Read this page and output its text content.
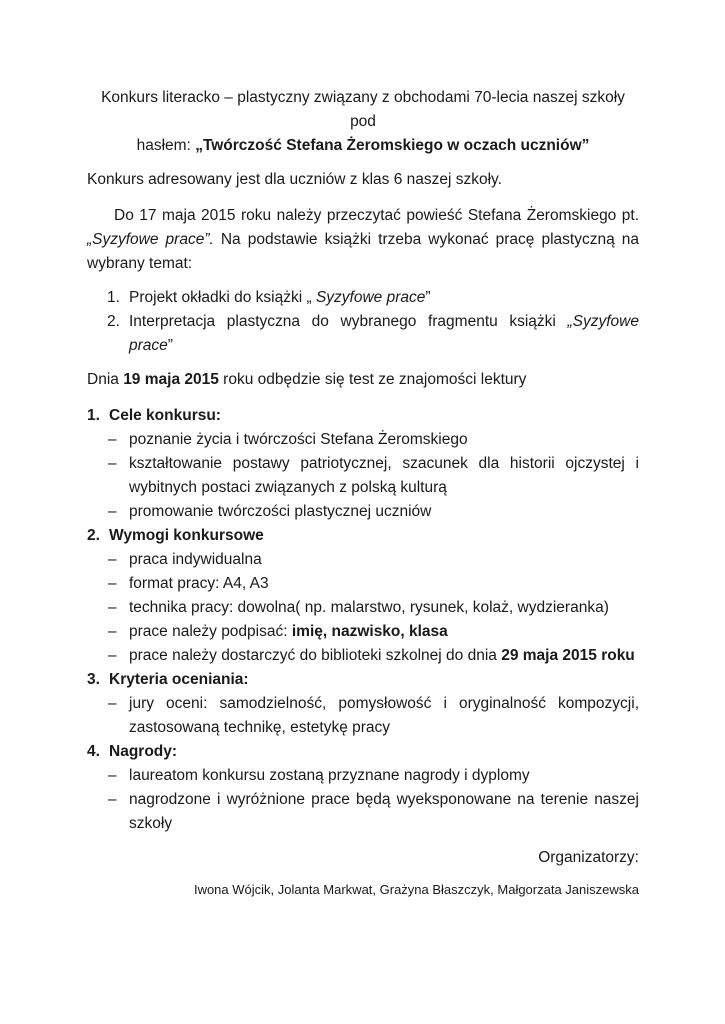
Konkurs literacko – plastyczny związany z obchodami 70-lecia naszej szkoły pod

hasłem: „Twórczość Stefana Żeromskiego w oczach uczniów”

Konkurs adresowany jest dla uczniów z klas 6 naszej szkoły.

Do 17 maja 2015 roku należy przeczytać powieść Stefana Żeromskiego pt. „Syzyfowe prace”. Na podstawie książki trzeba wykonać pracę plastyczną na wybrany temat:

1. Projekt okładki do książki „ Syzyfowe prace”
2. Interpretacja plastyczna do wybranego fragmentu książki „Syzyfowe prace”

Dnia 19 maja 2015 roku odbędzie się test ze znajomości lektury

1. Cele konkursu:
– poznanie życia i twórczości Stefana Żeromskiego
– kształtowanie postawy patriotycznej, szacunek dla historii ojczystej i wybitnych postaci związanych z polską kulturą
– promowanie twórczości plastycznej uczniów
2. Wymogi konkursowe
– praca indywidualna
– format pracy: A4, A3
– technika pracy: dowolna( np. malarstwo, rysunek, kolaż, wydzieranka)
– prace należy podpisać: imię, nazwisko, klasa
– prace należy dostarczyć do biblioteki szkolnej do dnia 29 maja 2015 roku
3. Kryteria oceniania:
– jury oceni: samodzielność, pomysłowość i oryginalność kompozycji, zastosowaną technikę, estetykę pracy
4. Nagrody:
– laureatom konkursu zostaną przyznane nagrody i dyplomy
– nagrodzone i wyróżnione prace będą wyeksponowane na terenie naszej szkoły

Organizatorzy:

Iwona Wójcik, Jolanta Markwat, Grażyna Błaszczyk, Małgorzata Janiszewska
